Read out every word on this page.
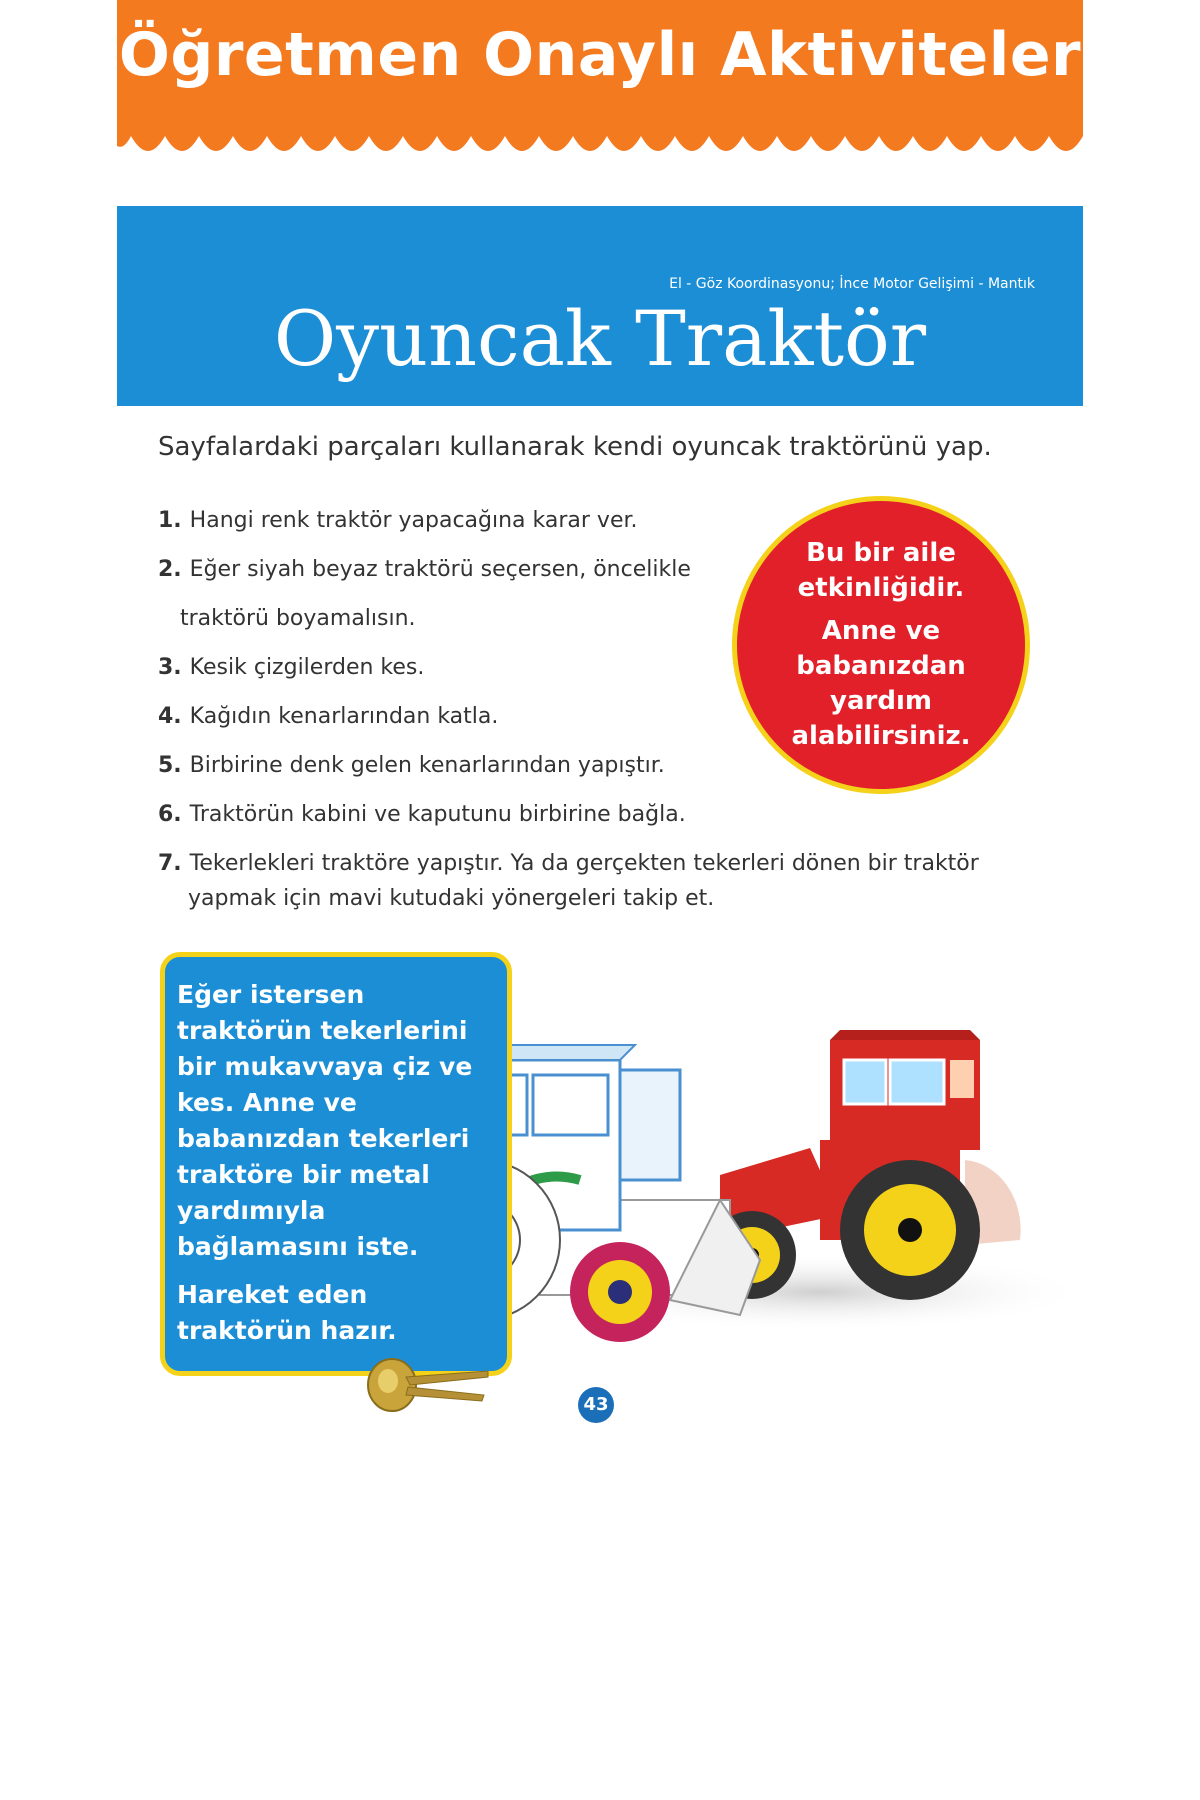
Öğretmen Onaylı Aktiviteler
El - Göz Koordinasyonu; İnce Motor Gelişimi - Mantık
Oyuncak Traktör
Sayfalardaki parçaları kullanarak kendi oyuncak traktörünü yap.
1. Hangi renk traktör yapacağına karar ver.
2. Eğer siyah beyaz traktörü seçersen, öncelikle
traktörü boyamalısın.
3. Kesik çizgilerden kes.
4. Kağıdın kenarlarından katla.
5. Birbirine denk gelen kenarlarından yapıştır.
6. Traktörün kabini ve kaputunu birbirine bağla.
7. Tekerlekleri traktöre yapıştır. Ya da gerçekten tekerleri dönen bir traktör
yapmak için mavi kutudaki yönergeleri takip et.

Bu bir aile etkinliğidir.

Anne ve babanızdan yardım alabilirsiniz.

Eğer istersen traktörün tekerlerini bir mukavvaya çiz ve kes. Anne ve babanızdan tekerleri traktöre bir metal yardımıyla bağlamasını iste.

Hareket eden traktörün hazır.

43
